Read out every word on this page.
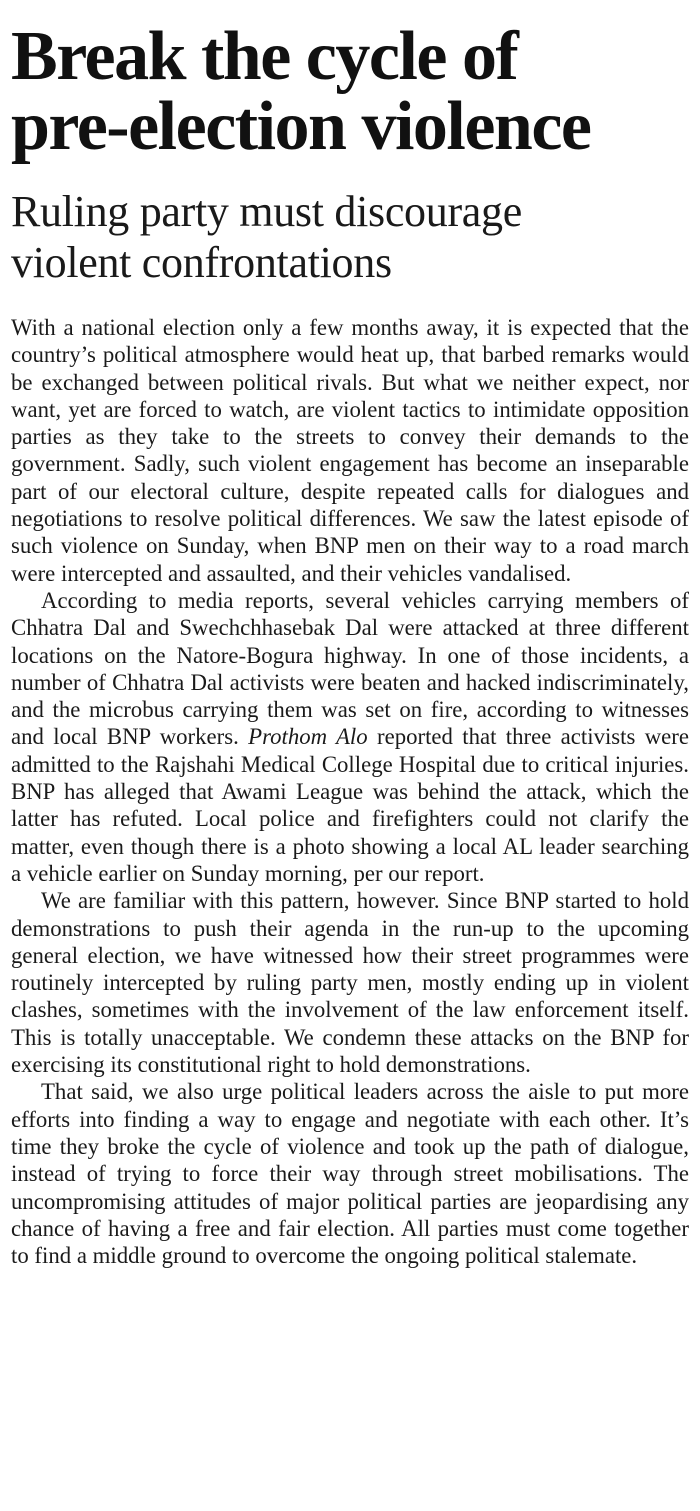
Break the cycle of
pre-election violence
Ruling party must discourage
violent confrontations

With a national election only a few months away, it is expected that the country’s political atmosphere would heat up, that barbed remarks would be exchanged between political rivals. But what we neither expect, nor want, yet are forced to watch, are violent tactics to intimidate opposition parties as they take to the streets to convey their demands to the government. Sadly, such violent engagement has become an inseparable part of our electoral culture, despite repeated calls for dialogues and negotiations to resolve political differences. We saw the latest episode of such violence on Sunday, when BNP men on their way to a road march were intercepted and assaulted, and their vehicles vandalised.

According to media reports, several vehicles carrying members of Chhatra Dal and Swechchhasebak Dal were attacked at three different locations on the Natore-Bogura highway. In one of those incidents, a number of Chhatra Dal activists were beaten and hacked indiscriminately, and the microbus carrying them was set on fire, according to witnesses and local BNP workers. Prothom Alo reported that three activists were admitted to the Rajshahi Medical College Hospital due to critical injuries. BNP has alleged that Awami League was behind the attack, which the latter has refuted. Local police and firefighters could not clarify the matter, even though there is a photo showing a local AL leader searching a vehicle earlier on Sunday morning, per our report.

We are familiar with this pattern, however. Since BNP started to hold demonstrations to push their agenda in the run-up to the upcoming general election, we have witnessed how their street programmes were routinely intercepted by ruling party men, mostly ending up in violent clashes, sometimes with the involvement of the law enforcement itself. This is totally unacceptable. We condemn these attacks on the BNP for exercising its constitutional right to hold demonstrations.

That said, we also urge political leaders across the aisle to put more efforts into finding a way to engage and negotiate with each other. It’s time they broke the cycle of violence and took up the path of dialogue, instead of trying to force their way through street mobilisations. The uncompromising attitudes of major political parties are jeopardising any chance of having a free and fair election. All parties must come together to find a middle ground to overcome the ongoing political stalemate.
